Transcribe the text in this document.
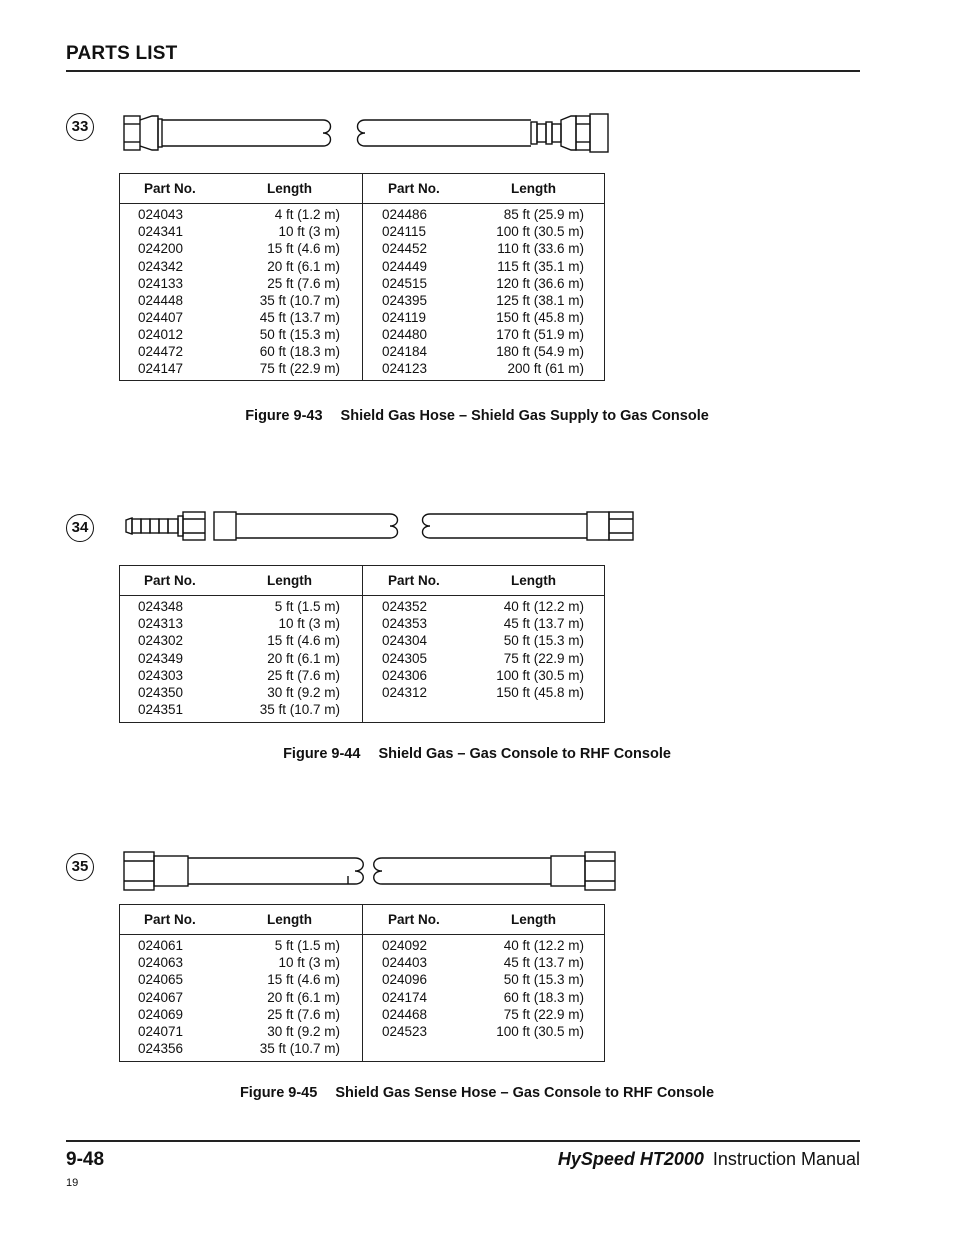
PARTS LIST
33
Part No.	Length	Part No.	Length
024043	4 ft (1.2 m)	024486	85 ft (25.9 m)
024341	10 ft (3 m)	024115	100 ft (30.5 m)
024200	15 ft (4.6 m)	024452	110 ft (33.6 m)
024342	20 ft (6.1 m)	024449	115 ft (35.1 m)
024133	25 ft (7.6 m)	024515	120 ft (36.6 m)
024448	35 ft (10.7 m)	024395	125 ft (38.1 m)
024407	45 ft (13.7 m)	024119	150 ft (45.8 m)
024012	50 ft (15.3 m)	024480	170 ft (51.9 m)
024472	60 ft (18.3 m)	024184	180 ft (54.9 m)
024147	75 ft (22.9 m)	024123	200 ft (61 m)
Figure 9-43 Shield Gas Hose – Shield Gas Supply to Gas Console
34
Part No.	Length	Part No.	Length
024348	5 ft (1.5 m)	024352	40 ft (12.2 m)
024313	10 ft (3 m)	024353	45 ft (13.7 m)
024302	15 ft (4.6 m)	024304	50 ft (15.3 m)
024349	20 ft (6.1 m)	024305	75 ft (22.9 m)
024303	25 ft (7.6 m)	024306	100 ft (30.5 m)
024350	30 ft (9.2 m)	024312	150 ft (45.8 m)
024351	35 ft (10.7 m)
Figure 9-44 Shield Gas – Gas Console to RHF Console
35
Part No.	Length	Part No.	Length
024061	5 ft (1.5 m)	024092	40 ft (12.2 m)
024063	10 ft (3 m)	024403	45 ft (13.7 m)
024065	15 ft (4.6 m)	024096	50 ft (15.3 m)
024067	20 ft (6.1 m)	024174	60 ft (18.3 m)
024069	25 ft (7.6 m)	024468	75 ft (22.9 m)
024071	30 ft (9.2 m)	024523	100 ft (30.5 m)
024356	35 ft (10.7 m)
Figure 9-45 Shield Gas Sense Hose – Gas Console to RHF Console
9-48	HySpeed HT2000 Instruction Manual
19
